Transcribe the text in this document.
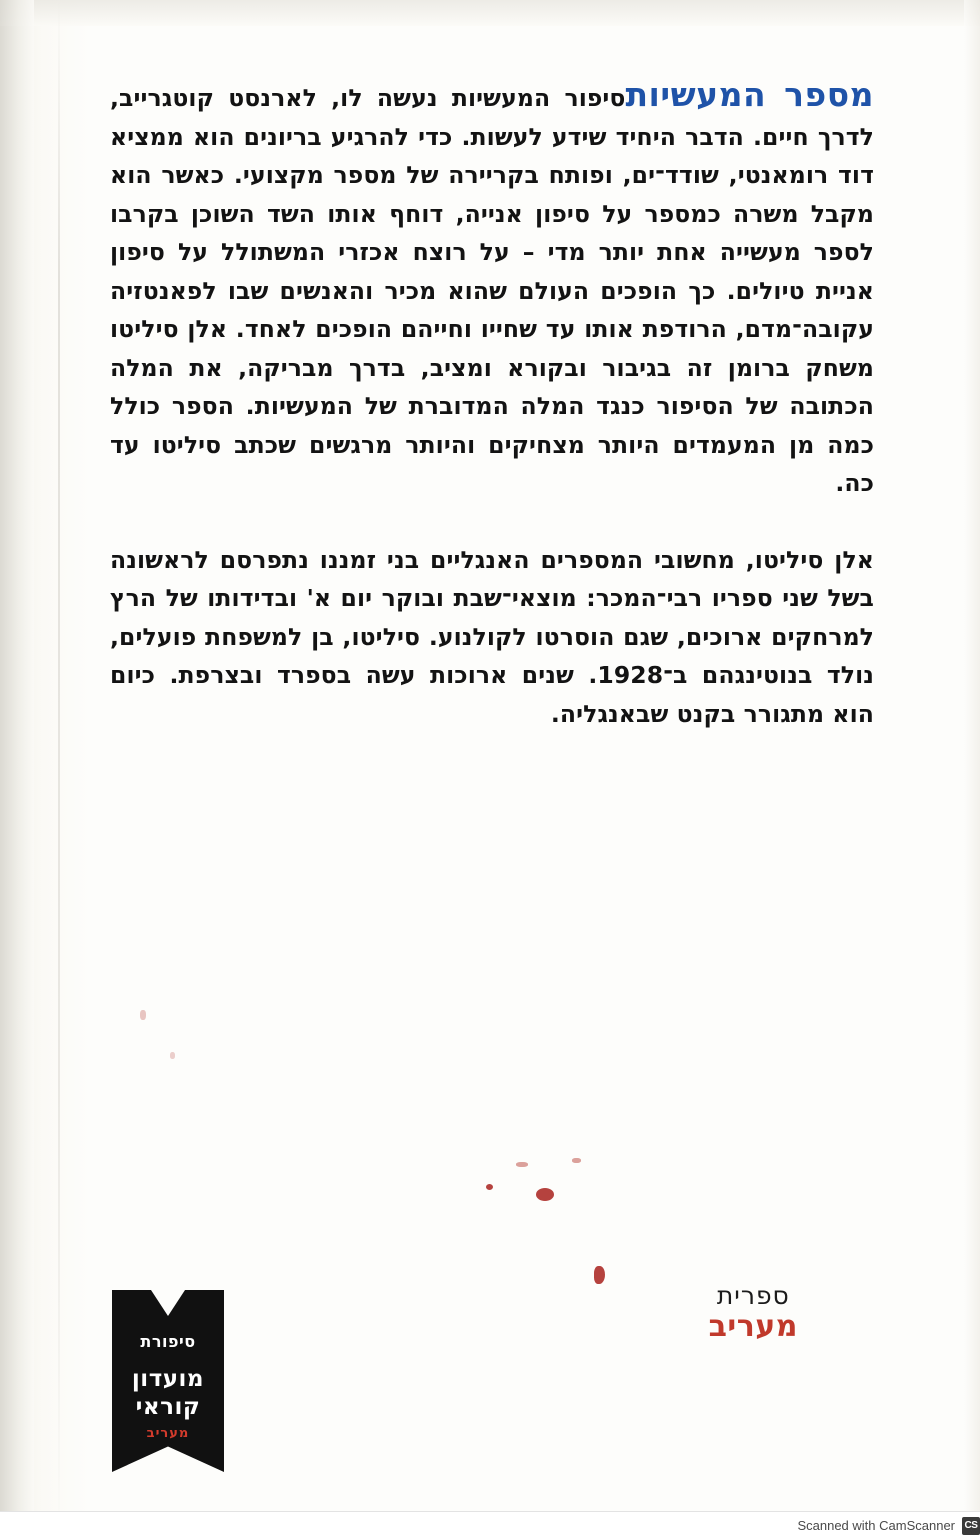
מספר המעשיותסיפור המעשיות נעשה לו, לארנסט קוטגרייב, לדרך חיים. הדבר היחיד שידע לעשות. כדי להרגיע בריונים הוא ממציא דוד רומאנטי, שודד־ים, ופותח בקריירה של מספר מקצועי. כאשר הוא מקבל משרה כמספר על סיפון אנייה, דוחף אותו השד השוכן בקרבו לספר מעשייה אחת יותר מדי – על רוצח אכזרי המשתולל על סיפון אניית טיולים. כך הופכים העולם שהוא מכיר והאנשים שבו לפאנטזיה עקובה־מדם, הרודפת אותו עד שחייו וחייהם הופכים לאחד. אלן סיליטו משחק ברומן זה בגיבור ובקורא ומציב, בדרך מבריקה, את המלה הכתובה של הסיפור כנגד המלה המדוברת של המעשיות. הספר כולל כמה מן המעמדים היותר מצחיקים והיותר מרגשים שכתב סיליטו עד כה.

אלן סיליטו, מחשובי המספרים האנגליים בני זמננו נתפרסם לראשונה בשל שני ספריו רבי־המכר: מוצאי־שבת ובוקר יום א' ובדידותו של הרץ למרחקים ארוכים, שגם הוסרטו לקולנוע. סיליטו, בן למשפחת פועלים, נולד בנוטינגהם ב־1928. שנים ארוכות עשה בספרד ובצרפת. כיום הוא מתגורר בקנט שבאנגליה.

ספרית
מעריב
סיפורת
מועדון
קוראי
מעריב
CS
Scanned with CamScanner
